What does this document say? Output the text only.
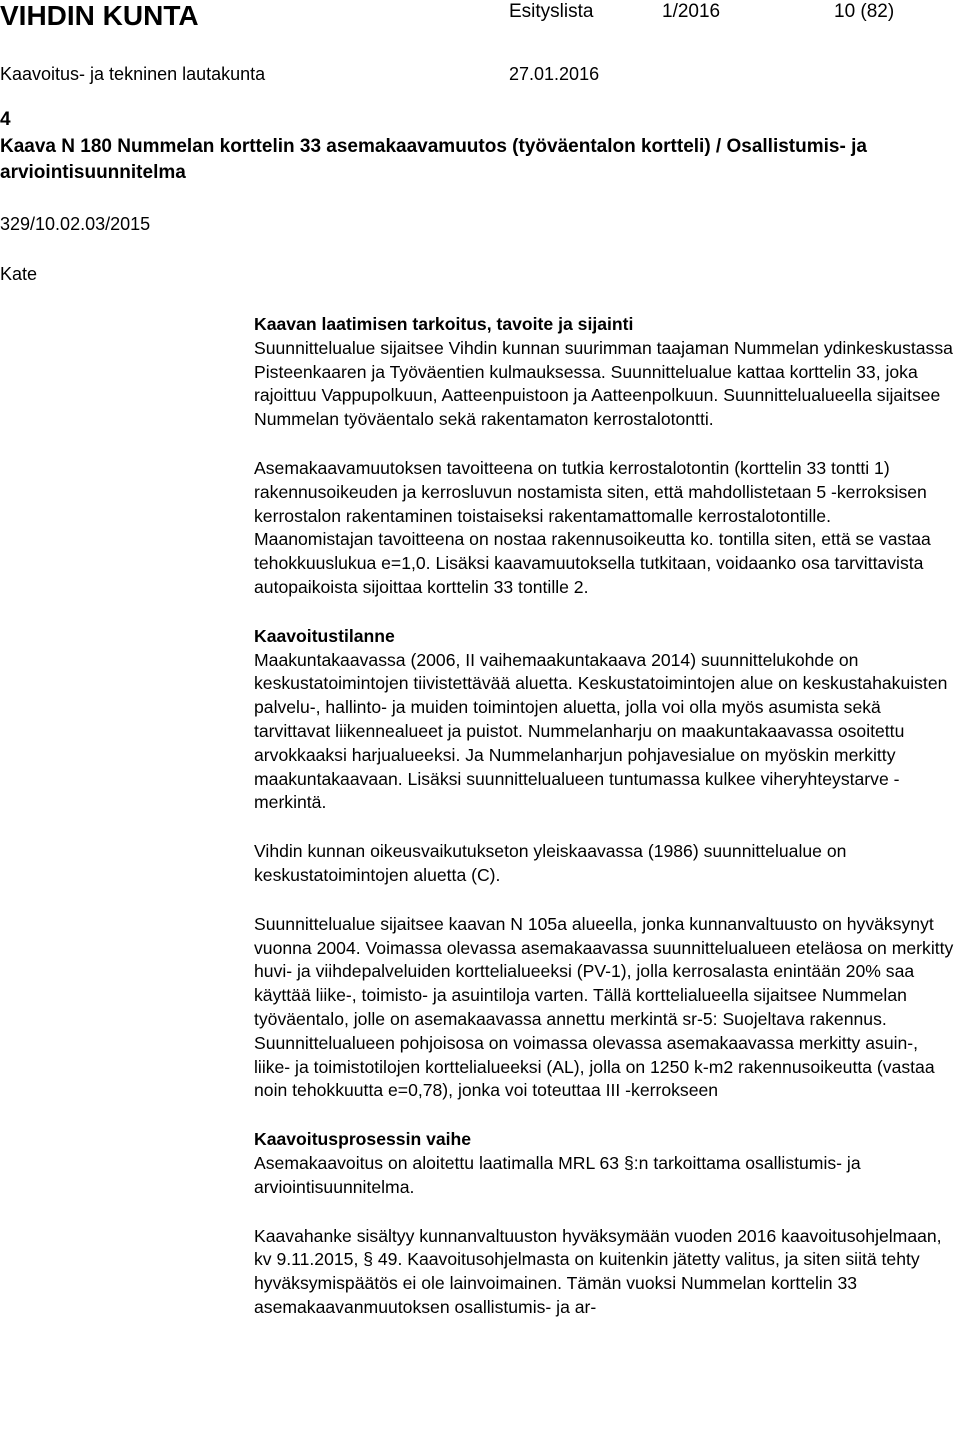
VIHDIN KUNTA	Esityslista	1/2016	10 (82)
Kaavoitus- ja tekninen lautakunta	27.01.2016
4
Kaava N 180 Nummelan korttelin 33 asemakaavamuutos (työväentalon kortteli) / Osallistumis- ja arviointisuunnitelma
329/10.02.03/2015
Kate

Kaavan laatimisen tarkoitus, tavoite ja sijainti
Suunnittelualue sijaitsee Vihdin kunnan suurimman taajaman Nummelan ydinkeskustassa Pisteenkaaren ja Työväentien kulmauksessa. Suunnittelualue kattaa korttelin 33, joka rajoittuu Vappupolkuun, Aatteenpuistoon ja Aatteenpolkuun. Suunnittelualueella sijaitsee Nummelan työväentalo sekä rakentamaton kerrostalotontti.

Asemakaavamuutoksen tavoitteena on tutkia kerrostalotontin (korttelin 33 tontti 1) rakennusoikeuden ja kerrosluvun nostamista siten, että mahdollistetaan 5 -kerroksisen kerrostalon rakentaminen toistaiseksi rakentamattomalle kerrostalotontille. Maanomistajan tavoitteena on nostaa rakennusoikeutta ko. tontilla siten, että se vastaa tehokkuuslukua e=1,0. Lisäksi kaavamuutoksella tutkitaan, voidaanko osa tarvittavista autopaikoista sijoittaa korttelin 33 tontille 2.

Kaavoitustilanne
Maakuntakaavassa (2006, II vaihemaakuntakaava 2014) suunnittelukohde on keskustatoimintojen tiivistettävää aluetta. Keskustatoimintojen alue on keskustahakuisten palvelu-, hallinto- ja muiden toimintojen aluetta, jolla voi olla myös asumista sekä tarvittavat liikennealueet ja puistot. Nummelanharju on maakuntakaavassa osoitettu arvokkaaksi harjualueeksi. Ja Nummelanharjun pohjavesialue on myöskin merkitty maakuntakaavaan. Lisäksi suunnittelualueen tuntumassa kulkee viheryhteystarve -merkintä.

Vihdin kunnan oikeusvaikutukseton yleiskaavassa (1986) suunnittelualue on keskustatoimintojen aluetta (C).

Suunnittelualue sijaitsee kaavan N 105a alueella, jonka kunnanvaltuusto on hyväksynyt vuonna 2004. Voimassa olevassa asemakaavassa suunnittelualueen eteläosa on merkitty huvi- ja viihdepalveluiden korttelialueeksi (PV-1), jolla kerrosalasta enintään 20% saa käyttää liike-, toimisto- ja asuintiloja varten. Tällä korttelialueella sijaitsee Nummelan työväentalo, jolle on asemakaavassa annettu merkintä sr-5: Suojeltava rakennus. Suunnittelualueen pohjoisosa on voimassa olevassa asemakaavassa merkitty asuin-, liike- ja toimistotilojen korttelialueeksi (AL), jolla on 1250 k-m2 rakennusoikeutta (vastaa noin tehokkuutta e=0,78), jonka voi toteuttaa III -kerrokseen

Kaavoitusprosessin vaihe
Asemakaavoitus on aloitettu laatimalla MRL 63 §:n tarkoittama osallistumis- ja arviointisuunnitelma.

Kaavahanke sisältyy kunnanvaltuuston hyväksymään vuoden 2016 kaavoitusohjelmaan, kv 9.11.2015, § 49. Kaavoitusohjelmasta on kuitenkin jätetty valitus, ja siten siitä tehty hyväksymispäätös ei ole lainvoimainen. Tämän vuoksi Nummelan korttelin 33 asemakaavanmuutoksen osallistumis- ja ar-
